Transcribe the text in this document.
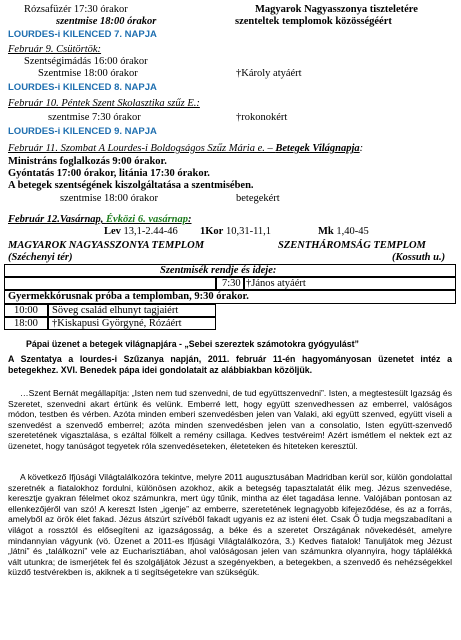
Rózsafüzér 17:30 órakor	Magyarok Nagyasszonya tiszteletére
szentmise 18:00 órakor	szenteltek templomok közösségéért
LOURDES-i KILENCED 7. NAPJA
Február 9. Csütörtök:
Szentségimádás 16:00 órakor
Szentmise 18:00 órakor	†Károly atyáért
LOURDES-i KILENCED 8. NAPJA
Február 10. Péntek Szent Skolasztika szűz E.:
szentmise 7:30 órakor	†rokonokért
LOURDES-i KILENCED 9. NAPJA
Február 11. Szombat A Lourdes-i Boldogságos Szűz Mária e. – Betegek Világnapja:
Ministráns foglalkozás 9:00 órakor.
Gyóntatás 17:00 órakor, litánia 17:30 órakor.
A betegek szentségének kiszolgáltatása a szentmisében.
szentmise 18:00 órakor	betegekért
Február 12.Vasárnap, Évközi 6. vasárnap:
Lev 13,1-2.44-46 1Kor 10,31-11,1	Mk 1,40-45
MAGYAROK NAGYASSZONYA TEMPLOM	SZENTHÁROMSÁG TEMPLOM
(Széchenyi tér)	(Kossuth u.)
Szentmisék rendje és ideje:
7:30 †János atyáért
Gyermekkórusnak próba a templomban, 9:30 órakor.
10:00 Söveg család elhunyt tagjaiért
18:00 †Kiskapusi Györgyné, Rózáért
Pápai üzenet a betegek világnapjára - „Sebei szereztek számotokra gyógyulást”
A Szentatya a lourdes-i Szűzanya napján, 2011. február 11-én hagyományosan üzenetet intéz a betegekhez. XVI. Benedek pápa idei gondolatait az alábbiakban közöljük.
…Szent Bernát megállapítja: „Isten nem tud szenvedni, de tud együttszenvedni”. Isten, a megtestesült Igazság és Szeretet, szenvedni akart értünk és velünk. Emberré lett, hogy együtt szenvedhessen az emberrel, valóságos módon, testben és vérben. Azóta minden emberi szenvedésben jelen van Valaki, aki együtt szenved, együtt viseli a szenvedést a szenvedő emberrel; azóta minden szenvedésben jelen van a consolatio, Isten együtt-szenvedő szeretetének vigasztalása, s ezáltal fölkelt a remény csillaga. Kedves testvéreim! Azért ismétlem el nektek ezt az üzenetet, hogy tanúságot tegyetek róla szenvedéseteken, életeteken és hiteteken keresztül.
A következő Ifjúsági Világtalálkozóra tekintve, melyre 2011 augusztusában Madridban kerül sor, külön gondolattal szeretnék a fiatalokhoz fordulni, különösen azokhoz, akik a betegség tapasztalatát élik meg. Jézus szenvedése, keresztje gyakran félelmet okoz számunkra, mert úgy tűnik, mintha az élet tagadása lenne. Valójában pontosan az ellenkezőjéről van szó! A kereszt Isten „igenje” az emberre, szeretetének legnagyobb kifejeződése, és az a forrás, amelyből az örök élet fakad. Jézus átszúrt szívéből fakadt ugyanis ez az isteni élet. Csak Ő tudja megszabadítani a világot a rossztól és elősegíteni az igazságosság, a béke és a szeretet Országának növekedését, amelyre mindannyian vágyunk (vö. Üzenet a 2011-es Ifjúsági Világtalálkozóra, 3.) Kedves fiatalok! Tanuljátok meg Jézust „látni” és „találkozni” vele az Eucharisztiában, ahol valóságosan jelen van számunkra olyannyira, hogy táplálékká vált utunkra; de ismerjétek fel és szolgáljátok Jézust a szegényekben, a betegekben, a szenvedő és nehézségekkel küzdő testvérekben is, akiknek a ti segítségetekre van szükségük.
